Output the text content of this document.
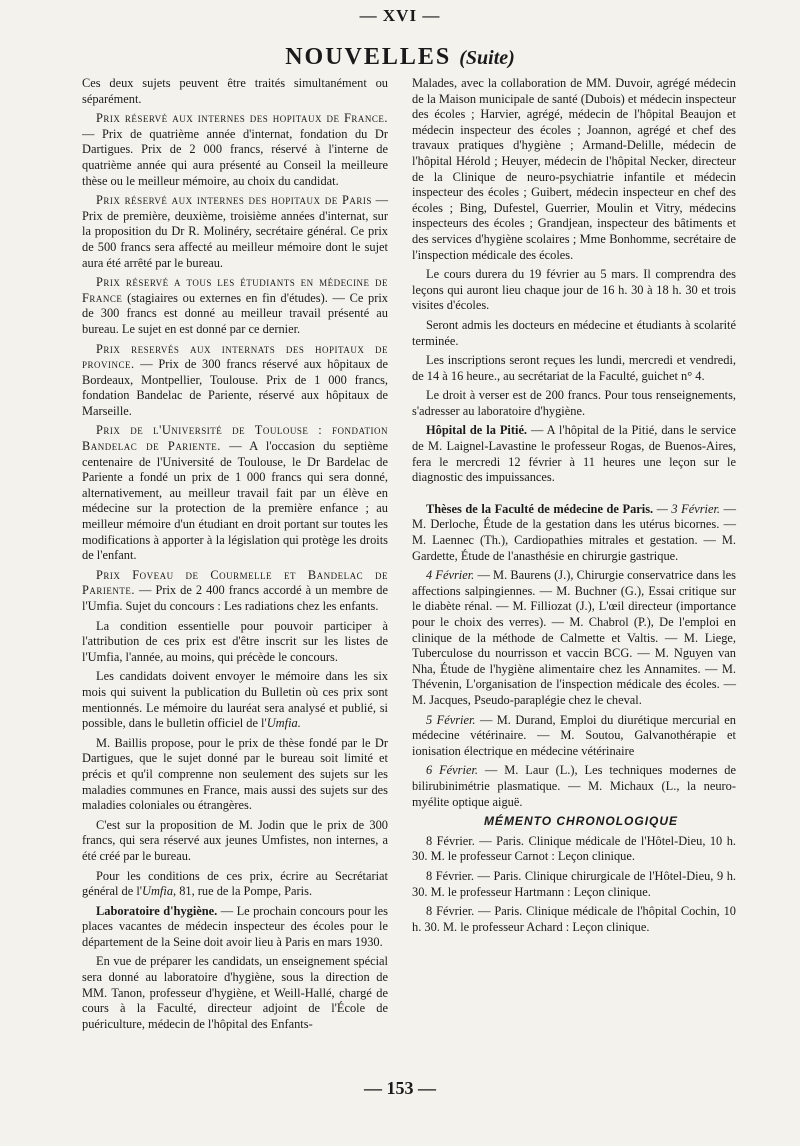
— XVI —
NOUVELLES (Suite)

Ces deux sujets peuvent être traités simultanément ou séparément.

Prix réservé aux internes des hopitaux de France. — Prix de quatrième année d'internat, fondation du Dr Dartigues. Prix de 2 000 francs, réservé à l'interne de quatrième année qui aura présenté au Conseil la meilleure thèse ou le meilleur mémoire, au choix du candidat.

Prix réservé aux internes des hopitaux de Paris — Prix de première, deuxième, troisième années d'internat, sur la proposition du Dr R. Molinéry, secrétaire général. Ce prix de 500 francs sera affecté au meilleur mémoire dont le sujet aura été arrêté par le bureau.

Prix réservé a tous les étudiants en médecine de France (stagiaires ou externes en fin d'études). — Ce prix de 300 francs est donné au meilleur travail présenté au bureau. Le sujet en est donné par ce dernier.

Prix reservés aux internats des hopitaux de province. — Prix de 300 francs réservé aux hôpitaux de Bordeaux, Montpellier, Toulouse. Prix de 1 000 francs, fondation Bandelac de Pariente, réservé aux hôpitaux de Marseille.

Prix de l'Université de Toulouse : fondation Bandelac de Pariente. — A l'occasion du septième centenaire de l'Université de Toulouse, le Dr Bardelac de Pariente a fondé un prix de 1 000 francs qui sera donné, alternativement, au meilleur travail fait par un élève en médecine sur la protection de la première enfance ; au meilleur mémoire d'un étudiant en droit portant sur toutes les modifications à apporter à la législation qui protège les droits de l'enfant.

Prix Foveau de Courmelle et Bandelac de Pariente. — Prix de 2 400 francs accordé à un membre de l'Umfia. Sujet du concours : Les radiations chez les enfants.

La condition essentielle pour pouvoir participer à l'attribution de ces prix est d'être inscrit sur les listes de l'Umfia, l'année, au moins, qui précède le concours.

Les candidats doivent envoyer le mémoire dans les six mois qui suivent la publication du Bulletin où ces prix sont mentionnés. Le mémoire du lauréat sera analysé et publié, si possible, dans le bulletin officiel de l'Umfia.

M. Baillis propose, pour le prix de thèse fondé par le Dr Dartigues, que le sujet donné par le bureau soit limité et précis et qu'il comprenne non seulement des sujets sur les maladies communes en France, mais aussi des sujets sur des maladies coloniales ou étrangères.

C'est sur la proposition de M. Jodin que le prix de 300 francs, qui sera réservé aux jeunes Umfistes, non internes, a été créé par le bureau.

Pour les conditions de ces prix, écrire au Secrétariat général de l'Umfia, 81, rue de la Pompe, Paris.

Laboratoire d'hygiène. — Le prochain concours pour les places vacantes de médecin inspecteur des écoles pour le département de la Seine doit avoir lieu à Paris en mars 1930.

En vue de préparer les candidats, un enseignement spécial sera donné au laboratoire d'hygiène, sous la direction de MM. Tanon, professeur d'hygiène, et Weill-Hallé, chargé de cours à la Faculté, directeur adjoint de l'École de puériculture, médecin de l'hôpital des Enfants-

Malades, avec la collaboration de MM. Duvoir, agrégé médecin de la Maison municipale de santé (Dubois) et médecin inspecteur des écoles ; Harvier, agrégé, médecin de l'hôpital Beaujon et médecin inspecteur des écoles ; Joannon, agrégé et chef des travaux pratiques d'hygiène ; Armand-Delille, médecin de l'hôpital Hérold ; Heuyer, médecin de l'hôpital Necker, directeur de la Clinique de neuro-psychiatrie infantile et médecin inspecteur des écoles ; Guibert, médecin inspecteur en chef des écoles ; Bing, Dufestel, Guerrier, Moulin et Vitry, médecins inspecteurs des écoles ; Grandjean, inspecteur des bâtiments et des services d'hygiène scolaires ; Mme Bonhomme, secrétaire de l'inspection médicale des écoles.

Le cours durera du 19 février au 5 mars. Il comprendra des leçons qui auront lieu chaque jour de 16 h. 30 à 18 h. 30 et trois visites d'écoles.

Seront admis les docteurs en médecine et étudiants à scolarité terminée.

Les inscriptions seront reçues les lundi, mercredi et vendredi, de 14 à 16 heure., au secrétariat de la Faculté, guichet n° 4.

Le droit à verser est de 200 francs. Pour tous renseignements, s'adresser au laboratoire d'hygiène.

Hôpital de la Pitié. — A l'hôpital de la Pitié, dans le service de M. Laignel-Lavastine le professeur Rogas, de Buenos-Aires, fera le mercredi 12 février à 11 heures une leçon sur le diagnostic des impuissances.

Thèses de la Faculté de médecine de Paris. — 3 Février. — M. Derloche, Étude de la gestation dans les utérus bicornes. — M. Laennec (Th.), Cardiopathies mitrales et gestation. — M. Gardette, Étude de l'anasthésie en chirurgie gastrique.

4 Février. — M. Baurens (J.), Chirurgie conservatrice dans les affections salpingiennes. — M. Buchner (G.), Essai critique sur le diabète rénal. — M. Filliozat (J.), L'œil directeur (importance pour le choix des verres). — M. Chabrol (P.), De l'emploi en clinique de la méthode de Calmette et Valtis. — M. Liege, Tuberculose du nourrisson et vaccin BCG. — M. Nguyen van Nha, Étude de l'hygiène alimentaire chez les Annamites. — M. Thévenin, L'organisation de l'inspection médicale des écoles. — M. Jacques, Pseudo-paraplégie chez le cheval.

5 Février. — M. Durand, Emploi du diurétique mercurial en médecine vétérinaire. — M. Soutou, Galvanothérapie et ionisation électrique en médecine vétérinaire

6 Février. — M. Laur (L.), Les techniques modernes de bilirubinimétrie plasmatique. — M. Michaux (L., la neuro-myélite optique aiguë.

MÉMENTO CHRONOLOGIQUE

8 Février. — Paris. Clinique médicale de l'Hôtel-Dieu, 10 h. 30. M. le professeur Carnot : Leçon clinique.

8 Février. — Paris. Clinique chirurgicale de l'Hôtel-Dieu, 9 h. 30. M. le professeur Hartmann : Leçon clinique.

8 Février. — Paris. Clinique médicale de l'hôpital Cochin, 10 h. 30. M. le professeur Achard : Leçon clinique.

— 153 —
